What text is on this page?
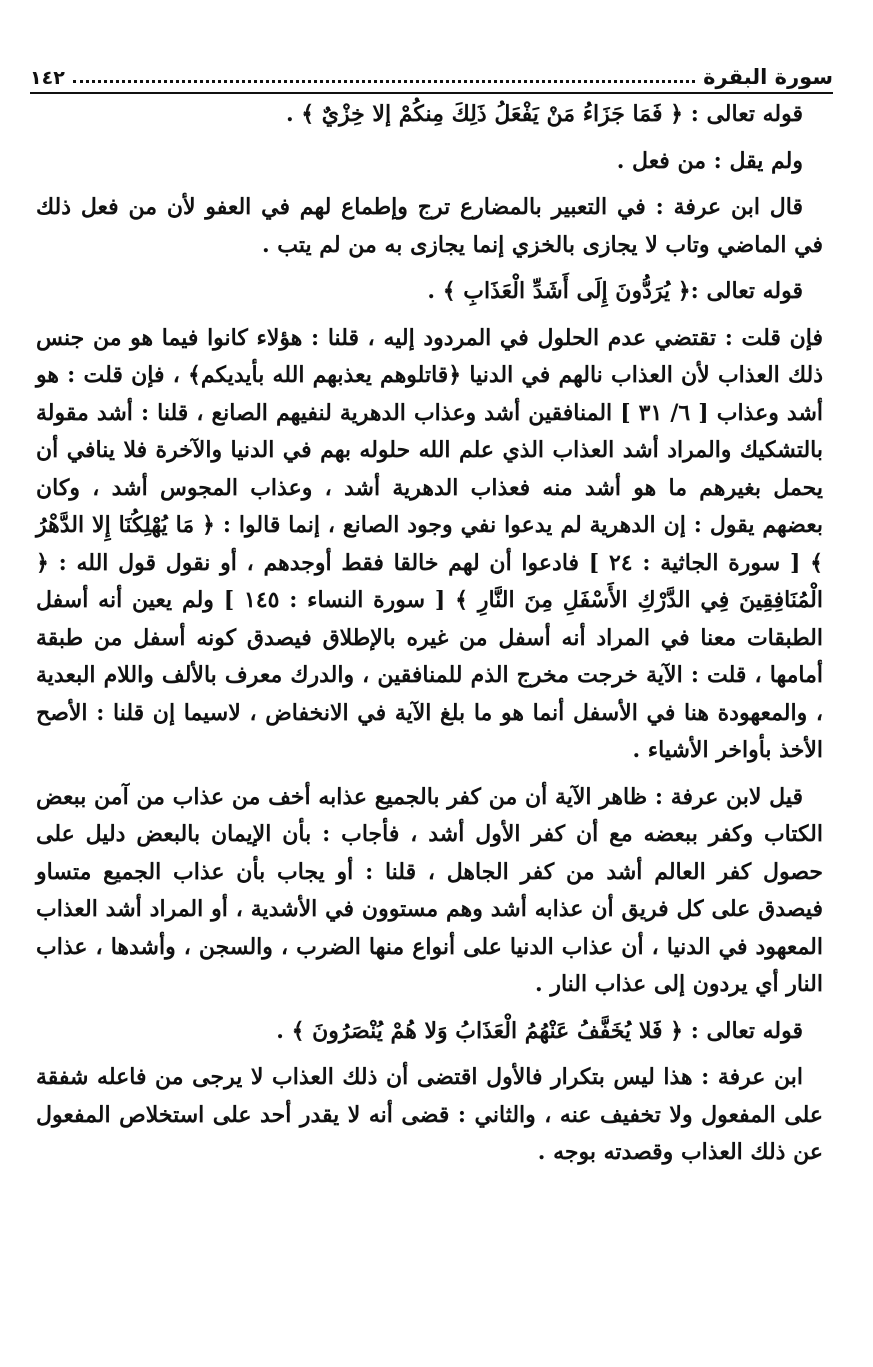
١٤٢	سورة البقرة

قوله تعالى : ﴿ فَمَا جَزَاءُ مَنْ يَفْعَلُ ذَلِكَ مِنكُمْ إلا خِزْيٌ ﴾ .

ولم يقل : من فعل .

قال ابن عرفة : في التعبير بالمضارع ترج وإطماع لهم في العفو لأن من فعل ذلك في الماضي وتاب لا يجازى بالخزي إنما يجازى به من لم يتب .

قوله تعالى :﴿ يُرَدُّونَ إِلَى أَشَدِّ الْعَذَابِ ﴾ .

فإن قلت : تقتضي عدم الحلول في المردود إليه ، قلنا : هؤلاء كانوا فيما هو من جنس ذلك العذاب لأن العذاب نالهم في الدنيا ﴿قاتلوهم يعذبهم الله بأيديكم﴾ ، فإن قلت : هو أشد وعذاب [ ٦/ ٣١ ] المنافقين أشد وعذاب الدهرية لنفيهم الصانع ، قلنا : أشد مقولة بالتشكيك والمراد أشد العذاب الذي علم الله حلوله بهم في الدنيا والآخرة فلا ينافي أن يحمل بغيرهم ما هو أشد منه فعذاب الدهرية أشد ، وعذاب المجوس أشد ، وكان بعضهم يقول : إن الدهرية لم يدعوا نفي وجود الصانع ، إنما قالوا : ﴿ مَا يُهْلِكُنَا إِلا الدَّهْرُ ﴾ [ سورة الجاثية : ٢٤ ] فادعوا أن لهم خالقا فقط أوجدهم ، أو نقول قول الله : ﴿ الْمُنَافِقِينَ فِي الدَّرْكِ الأَسْفَلِ مِنَ النَّارِ ﴾ [ سورة النساء : ١٤٥ ] ولم يعين أنه أسفل الطبقات معنا في المراد أنه أسفل من غيره بالإطلاق فيصدق كونه أسفل من طبقة أمامها ، قلت : الآية خرجت مخرج الذم للمنافقين ، والدرك معرف بالألف واللام البعدية ، والمعهودة هنا في الأسفل أنما هو ما بلغ الآية في الانخفاض ، لاسيما إن قلنا : الأصح الأخذ بأواخر الأشياء .

قيل لابن عرفة : ظاهر الآية أن من كفر بالجميع عذابه أخف من عذاب من آمن ببعض الكتاب وكفر ببعضه مع أن كفر الأول أشد ، فأجاب : بأن الإيمان بالبعض دليل على حصول كفر العالم أشد من كفر الجاهل ، قلنا : أو يجاب بأن عذاب الجميع متساو فيصدق على كل فريق أن عذابه أشد وهم مستوون في الأشدية ، أو المراد أشد العذاب المعهود في الدنيا ، أن عذاب الدنيا على أنواع منها الضرب ، والسجن ، وأشدها ، عذاب النار أي يردون إلى عذاب النار .

قوله تعالى : ﴿ فَلا يُخَفَّفُ عَنْهُمُ الْعَذَابُ وَلا هُمْ يُنْصَرُونَ ﴾ .

ابن عرفة : هذا ليس بتكرار فالأول اقتضى أن ذلك العذاب لا يرجى من فاعله شفقة على المفعول ولا تخفيف عنه ، والثاني : قضى أنه لا يقدر أحد على استخلاص المفعول عن ذلك العذاب وقصدته بوجه .
